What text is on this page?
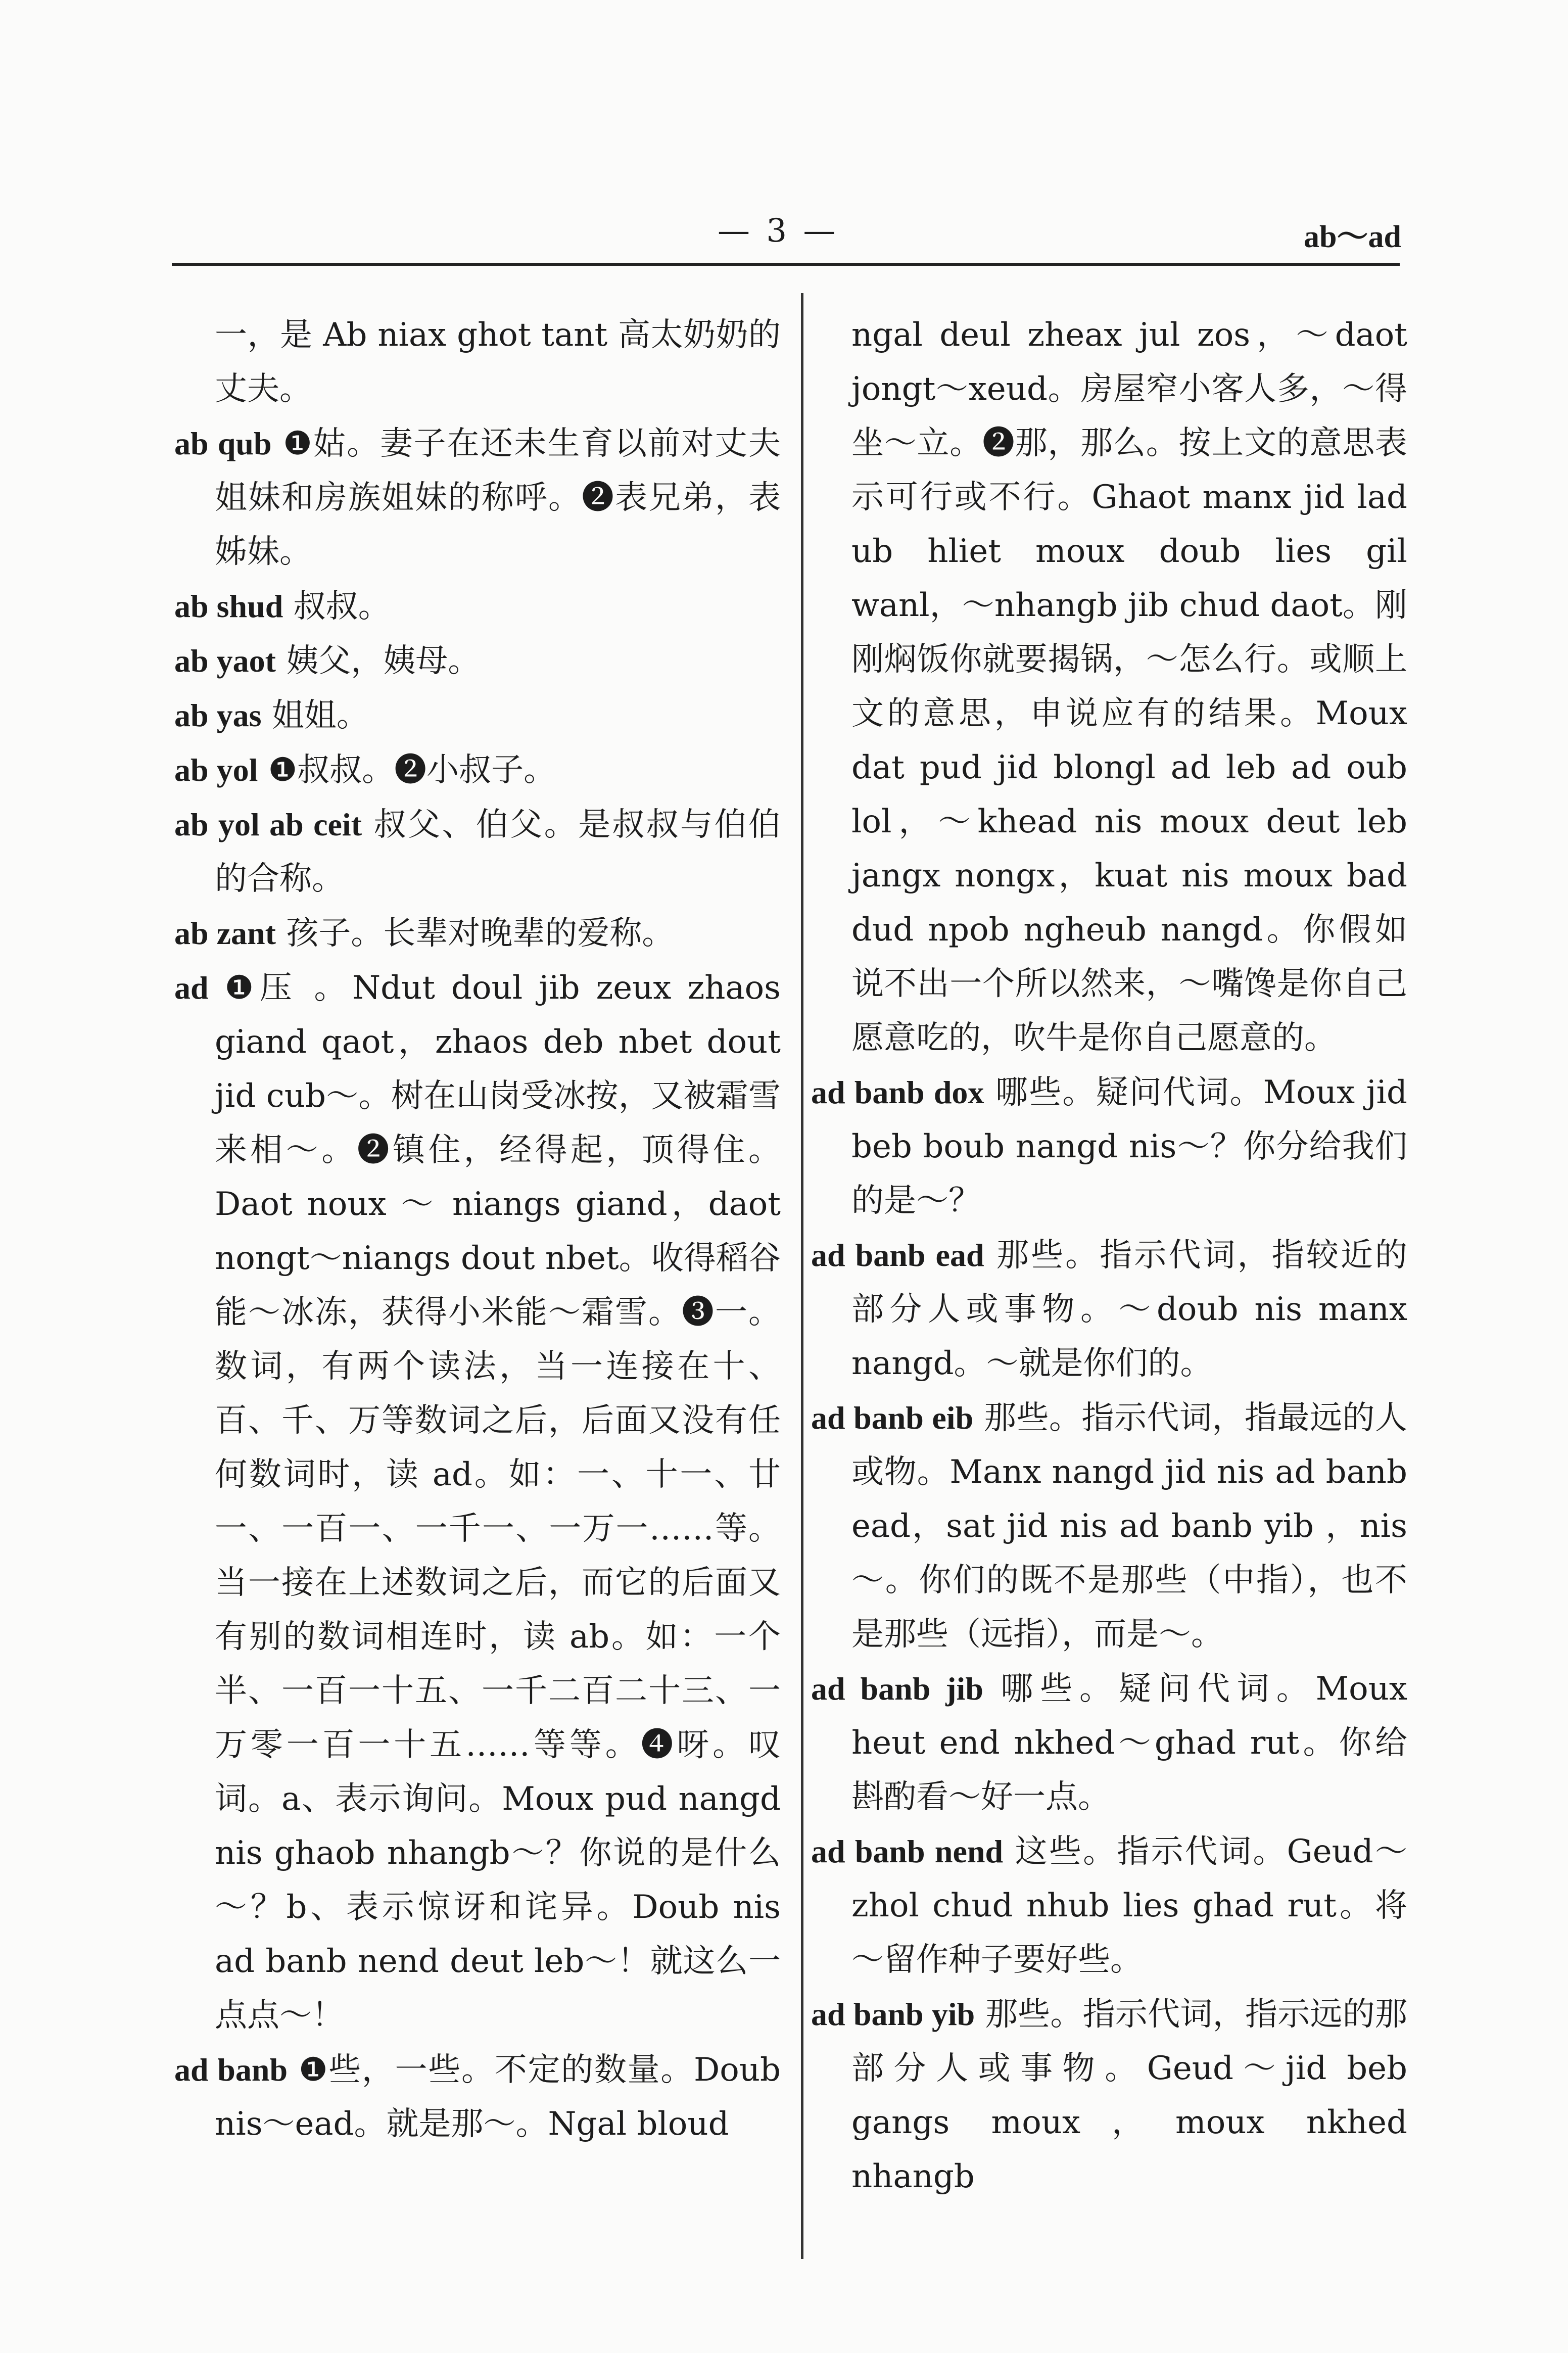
— 3 —	ab～ad

一，是 Ab niax ghot tant 高太奶奶的丈夫。

ab qub ❶姑。妻子在还未生育以前对丈夫姐妹和房族姐妹的称呼。❷表兄弟，表姊妹。

ab shud 叔叔。

ab yaot 姨父，姨母。

ab yas 姐姐。

ab yol ❶叔叔。❷小叔子。

ab yol ab ceit 叔父、伯父。是叔叔与伯伯的合称。

ab zant 孩子。长辈对晚辈的爱称。

ad ❶压 。Ndut doul jib zeux zhaos giand qaot，zhaos deb nbet dout jid cub～。树在山岗受冰按，又被霜雪来相～。❷镇住，经得起，顶得住。Daot noux ～ niangs giand，daot nongt～niangs dout nbet。收得稻谷能～冰冻，获得小米能～霜雪。❸一。数词，有两个读法，当一连接在十、百、千、万等数词之后，后面又没有任何数词时，读 ad。如：一、十一、廿一、一百一、一千一、一万一……等。当一接在上述数词之后，而它的后面又有别的数词相连时，读 ab。如：一个半、一百一十五、一千二百二十三、一万零一百一十五……等等。❹呀。叹词。a、表示询问。Moux pud nangd nis ghaob nhangb～？你说的是什么～？b、表示惊讶和诧异。Doub nis ad banb nend deut leb～！就这么一点点～！

ad banb ❶些，一些。不定的数量。Doub nis～ead。就是那～。Ngal bloud

ngal deul zheax jul zos，～daot jongt～xeud。房屋窄小客人多，～得坐～立。❷那，那么。按上文的意思表示可行或不行。Ghaot manx jid lad ub hliet moux doub lies gil wanl，～nhangb jib chud daot。刚刚焖饭你就要揭锅，～怎么行。或顺上文的意思，申说应有的结果。Moux dat pud jid blongl ad leb ad oub lol，～khead nis moux deut leb jangx nongx，kuat nis moux bad dud npob ngheub nangd。你假如说不出一个所以然来，～嘴馋是你自己愿意吃的，吹牛是你自己愿意的。

ad banb dox 哪些。疑问代词。Moux jid beb boub nangd nis～？你分给我们的是～？

ad banb ead 那些。指示代词，指较近的部分人或事物。～doub nis manx nangd。～就是你们的。

ad banb eib 那些。指示代词，指最远的人或物。Manx nangd jid nis ad banb ead，sat jid nis ad banb yib ，nis～。你们的既不是那些（中指），也不是那些（远指），而是～。

ad banb jib 哪些。疑问代词。Moux heut end nkhed～ghad rut。你给斟酌看～好一点。

ad banb nend 这些。指示代词。Geud～zhol chud nhub lies ghad rut。将～留作种子要好些。

ad banb yib 那些。指示代词，指示远的那部分人或事物。Geud～jid beb gangs moux，moux nkhed nhangb
